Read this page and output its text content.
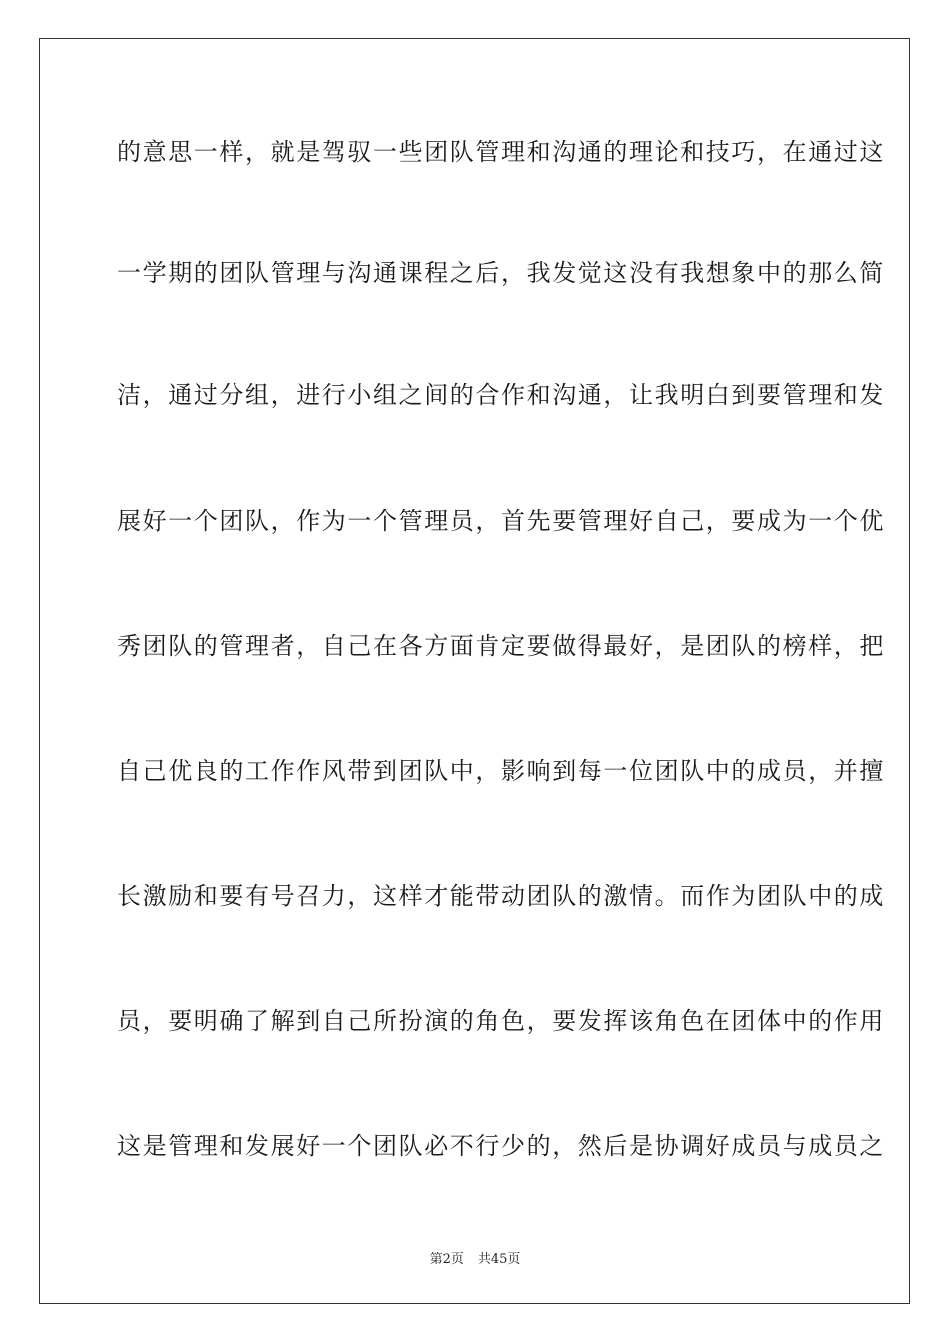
的意思一样，就是驾驭一些团队管理和沟通的理论和技巧，在通过这
一学期的团队管理与沟通课程之后，我发觉这没有我想象中的那么简
洁，通过分组，进行小组之间的合作和沟通，让我明白到要管理和发
展好一个团队，作为一个管理员，首先要管理好自己，要成为一个优
秀团队的管理者，自己在各方面肯定要做得最好，是团队的榜样，把
自己优良的工作作风带到团队中，影响到每一位团队中的成员，并擅
长激励和要有号召力，这样才能带动团队的激情。而作为团队中的成
员，要明确了解到自己所扮演的角色，要发挥该角色在团体中的作用
这是管理和发展好一个团队必不行少的，然后是协调好成员与成员之
第2页 共45页
